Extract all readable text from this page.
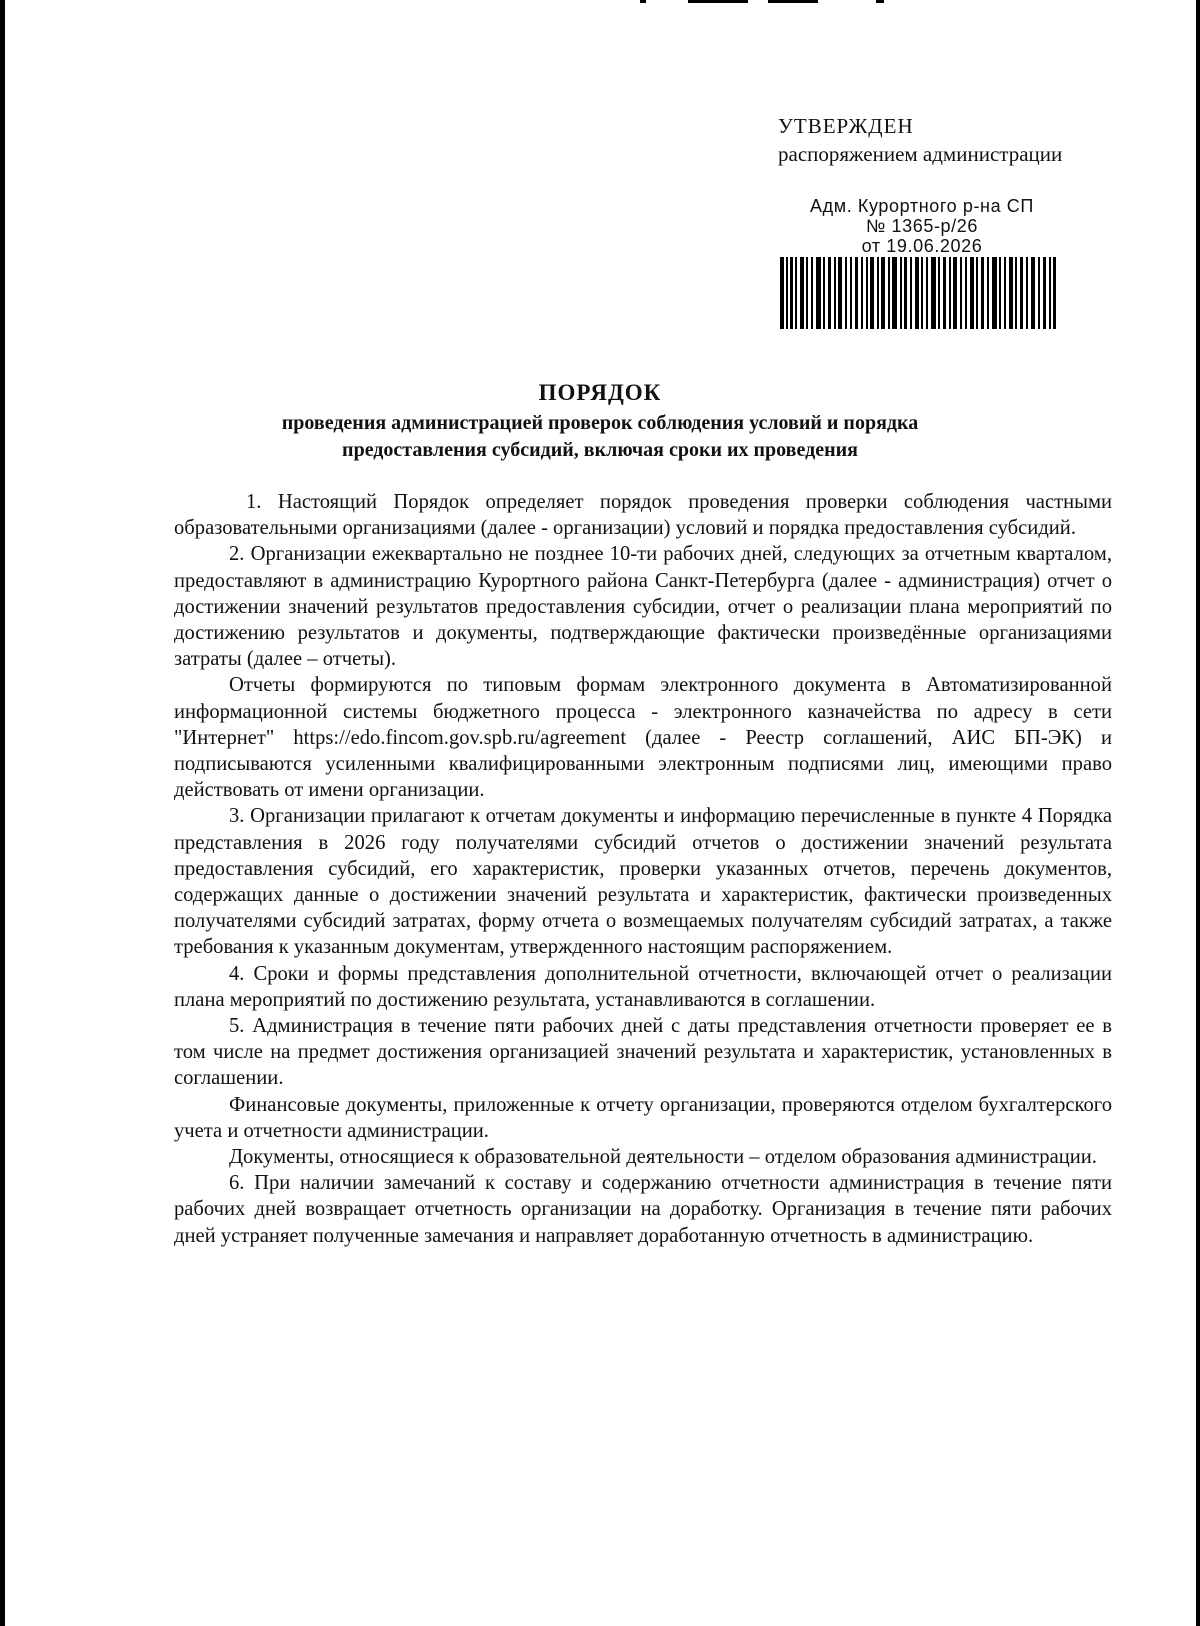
УТВЕРЖДЕН
распоряжением администрации
Адм. Курортного р-на СП
№ 1365-р/26
от 19.06.2026
ПОРЯДОК
проведения администрацией проверок соблюдения условий и порядка
предоставления субсидий, включая сроки их проведения

1. Настоящий Порядок определяет порядок проведения проверки соблюдения частными образовательными организациями (далее - организации) условий и порядка предоставления субсидий.

2. Организации ежеквартально не позднее 10-ти рабочих дней, следующих за отчетным кварталом, предоставляют в администрацию Курортного района Санкт-Петербурга (далее - администрация) отчет о достижении значений результатов предоставления субсидии, отчет о реализации плана мероприятий по достижению результатов и документы, подтверждающие фактически произведённые организациями затраты (далее – отчеты).

Отчеты формируются по типовым формам электронного документа в Автоматизированной информационной системы бюджетного процесса - электронного казначейства по адресу в сети "Интернет" https://edo.fincom.gov.spb.ru/agreement (далее - Реестр соглашений, АИС БП-ЭК) и подписываются усиленными квалифицированными электронным подписями лиц, имеющими право действовать от имени организации.

3. Организации прилагают к отчетам документы и информацию перечисленные в пункте 4 Порядка представления в 2026 году получателями субсидий отчетов о достижении значений результата предоставления субсидий, его характеристик, проверки указанных отчетов, перечень документов, содержащих данные о достижении значений результата и характеристик, фактически произведенных получателями субсидий затратах, форму отчета о возмещаемых получателям субсидий затратах, а также требования к указанным документам, утвержденного настоящим распоряжением.

4. Сроки и формы представления дополнительной отчетности, включающей отчет о реализации плана мероприятий по достижению результата, устанавливаются в соглашении.

5. Администрация в течение пяти рабочих дней с даты представления отчетности проверяет ее в том числе на предмет достижения организацией значений результата и характеристик, установленных в соглашении.

Финансовые документы, приложенные к отчету организации, проверяются отделом бухгалтерского учета и отчетности администрации.

Документы, относящиеся к образовательной деятельности – отделом образования администрации.

6. При наличии замечаний к составу и содержанию отчетности администрация в течение пяти рабочих дней возвращает отчетность организации на доработку. Организация в течение пяти рабочих дней устраняет полученные замечания и направляет доработанную отчетность в администрацию.
